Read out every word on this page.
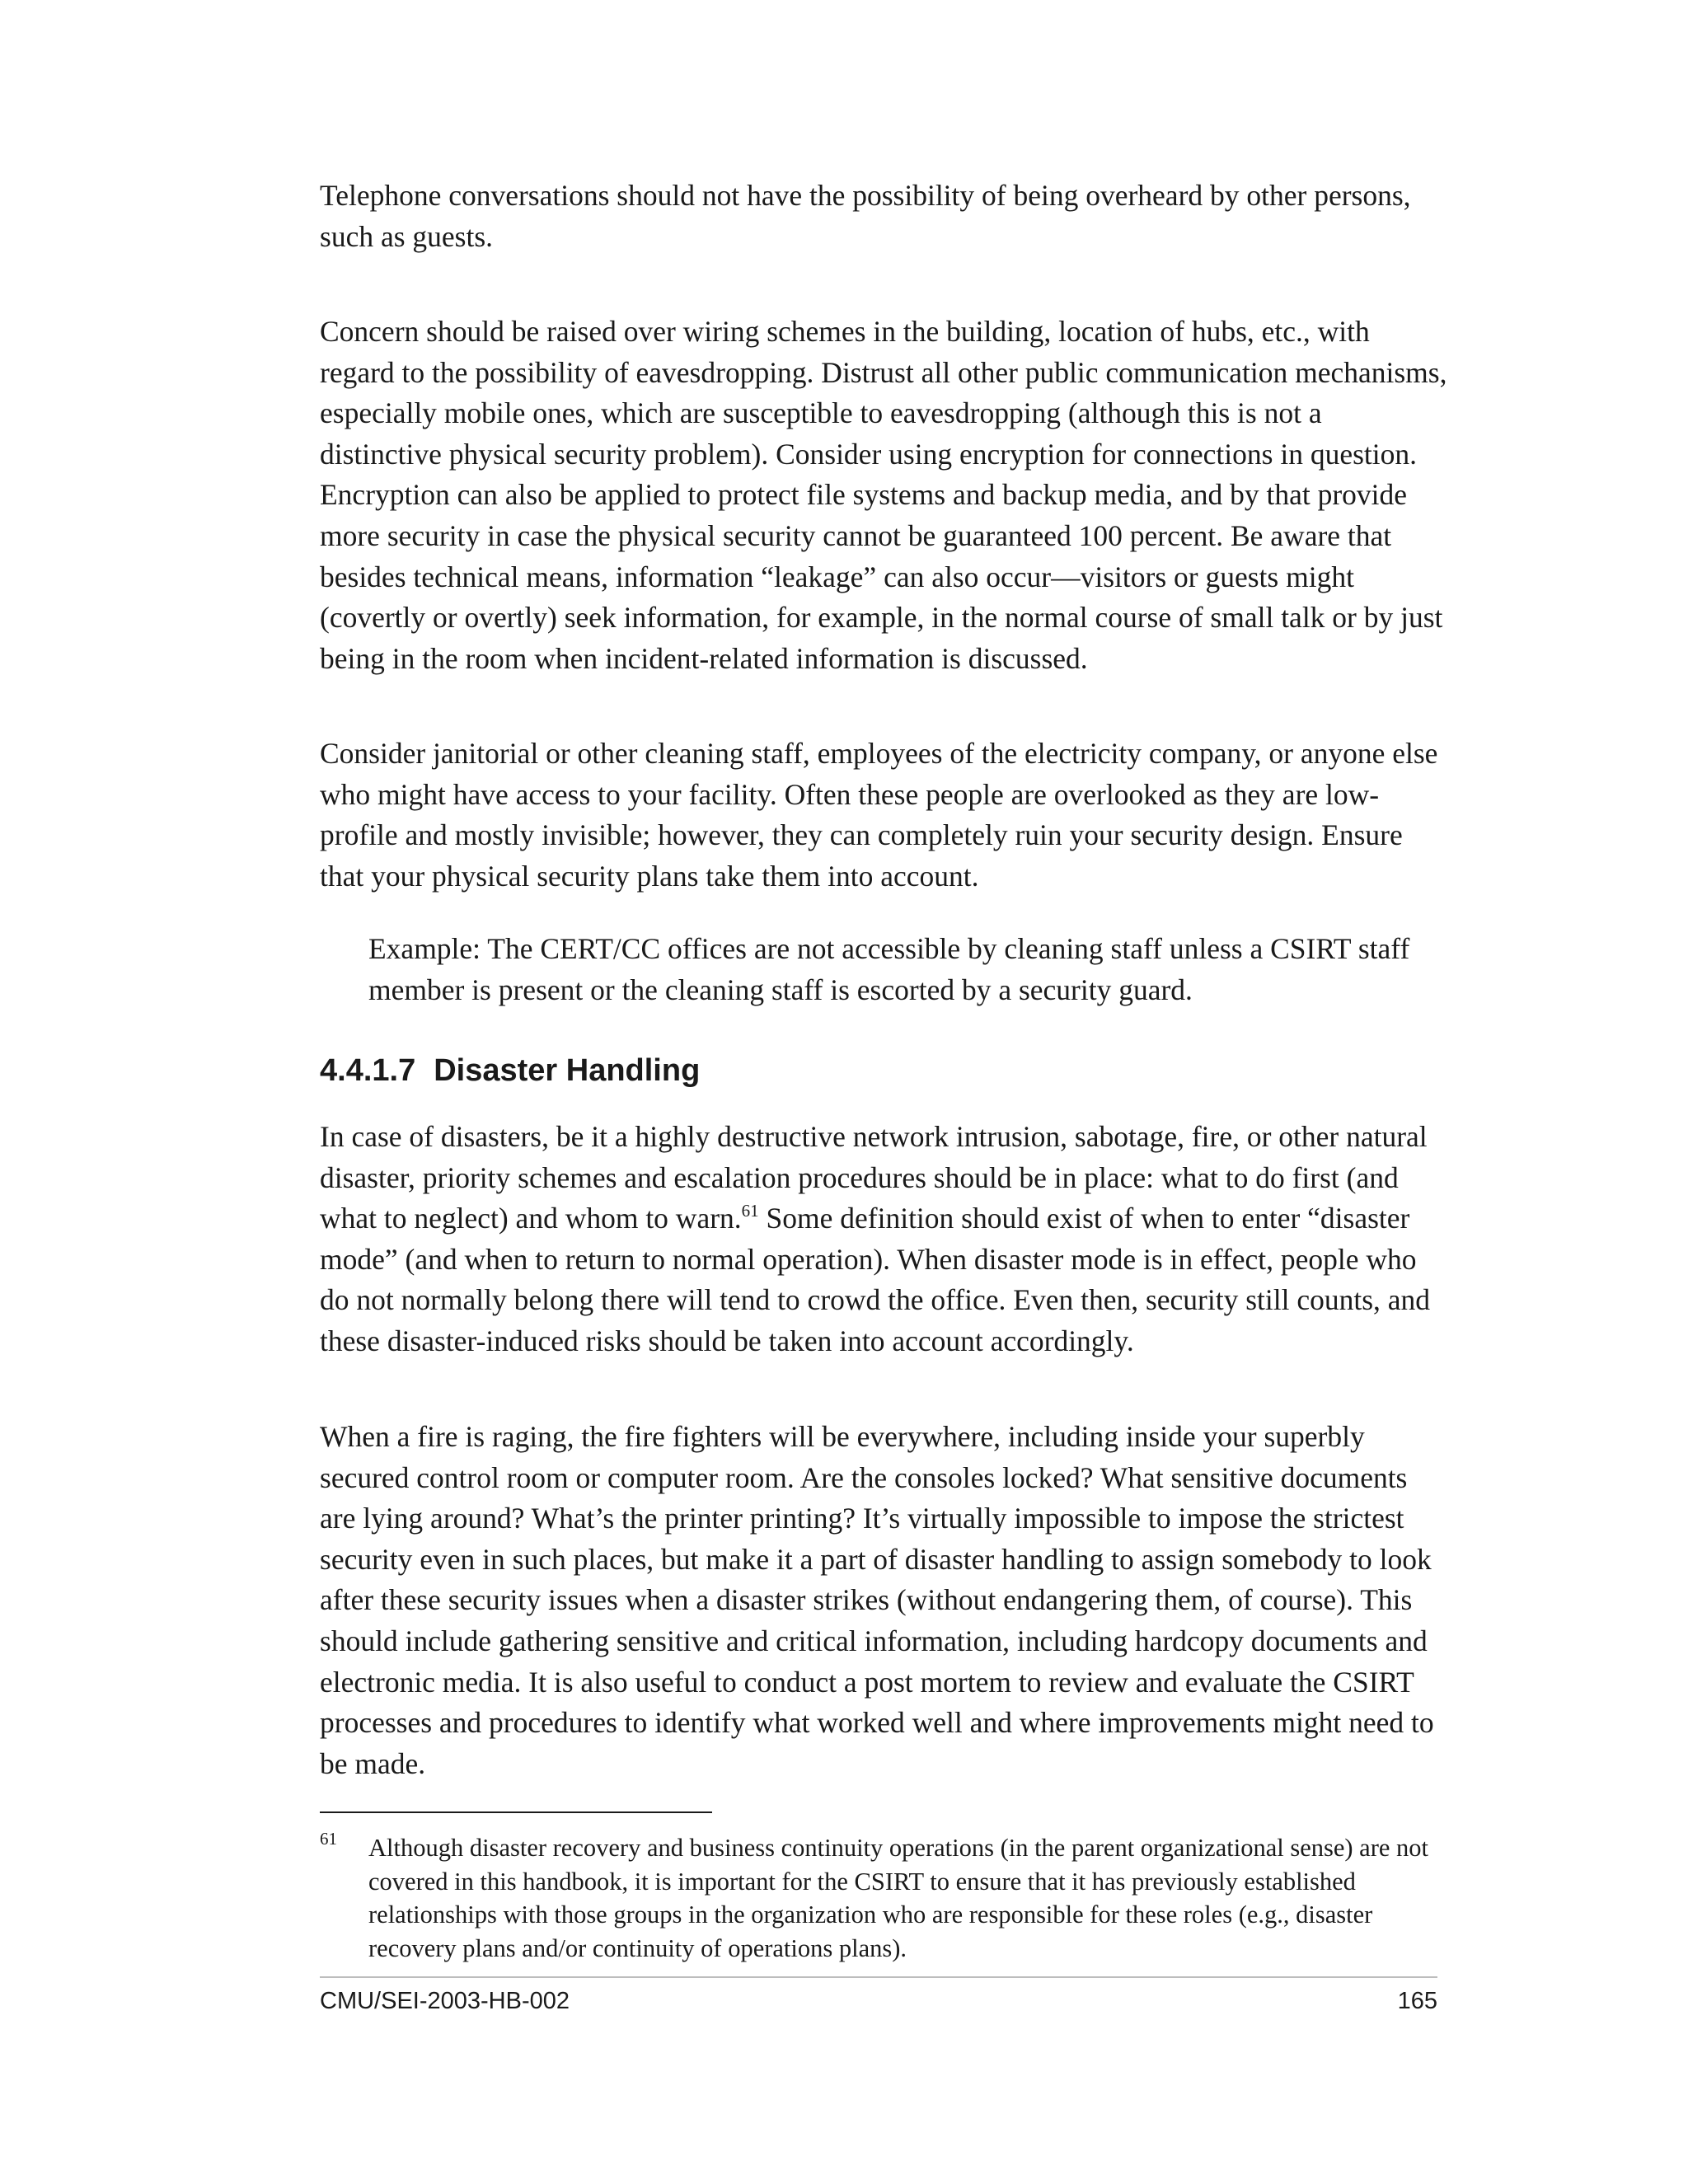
Telephone conversations should not have the possibility of being overheard by other persons, such as guests.

Concern should be raised over wiring schemes in the building, location of hubs, etc., with regard to the possibility of eavesdropping. Distrust all other public communication mechanisms, especially mobile ones, which are susceptible to eavesdropping (although this is not a distinctive physical security problem). Consider using encryption for connections in question. Encryption can also be applied to protect file systems and backup media, and by that provide more security in case the physical security cannot be guaranteed 100 percent. Be aware that besides technical means, information “leakage” can also occur—visitors or guests might (covertly or overtly) seek information, for example, in the normal course of small talk or by just being in the room when incident-related information is discussed.

Consider janitorial or other cleaning staff, employees of the electricity company, or anyone else who might have access to your facility. Often these people are overlooked as they are low-profile and mostly invisible; however, they can completely ruin your security design. Ensure that your physical security plans take them into account.

Example: The CERT/CC offices are not accessible by cleaning staff unless a CSIRT staff member is present or the cleaning staff is escorted by a security guard.

4.4.1.7 Disaster Handling

In case of disasters, be it a highly destructive network intrusion, sabotage, fire, or other natural disaster, priority schemes and escalation procedures should be in place: what to do first (and what to neglect) and whom to warn.$^{61}$ Some definition should exist of when to enter “disaster mode” (and when to return to normal operation). When disaster mode is in effect, people who do not normally belong there will tend to crowd the office. Even then, security still counts, and these disaster-induced risks should be taken into account accordingly.

When a fire is raging, the fire fighters will be everywhere, including inside your superbly secured control room or computer room. Are the consoles locked? What sensitive documents are lying around? What’s the printer printing? It’s virtually impossible to impose the strictest security even in such places, but make it a part of disaster handling to assign somebody to look after these security issues when a disaster strikes (without endangering them, of course). This should include gathering sensitive and critical information, including hardcopy documents and electronic media. It is also useful to conduct a post mortem to review and evaluate the CSIRT processes and procedures to identify what worked well and where improvements might need to be made.

61 Although disaster recovery and business continuity operations (in the parent organizational sense) are not covered in this handbook, it is important for the CSIRT to ensure that it has previously established relationships with those groups in the organization who are responsible for these roles (e.g., disaster recovery plans and/or continuity of operations plans).

CMU/SEI-2003-HB-002	165
